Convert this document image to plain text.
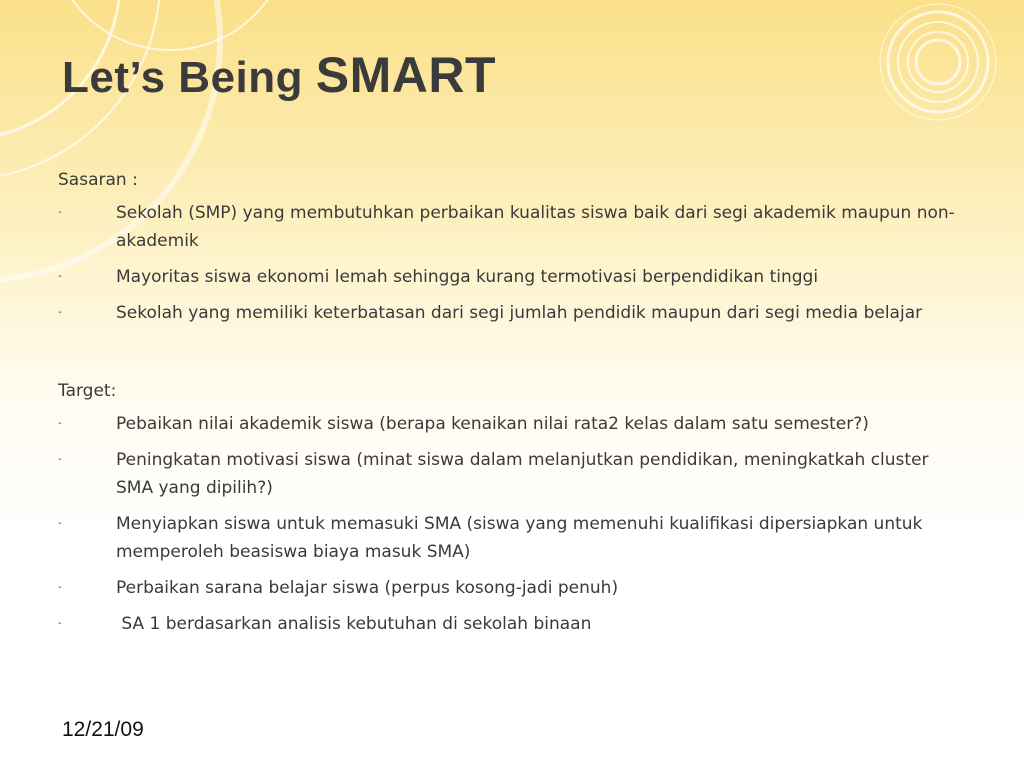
Let’s Being SMART
Sasaran :
-	Sekolah (SMP) yang membutuhkan perbaikan kualitas siswa baik dari segi akademik maupun non-akademik
-	Mayoritas siswa ekonomi lemah sehingga kurang termotivasi berpendidikan tinggi
-	Sekolah yang memiliki keterbatasan dari segi jumlah pendidik maupun dari segi media belajar
Target:
-	Pebaikan nilai akademik siswa (berapa kenaikan nilai rata2 kelas dalam satu semester?)
-	Peningkatan motivasi siswa (minat siswa dalam melanjutkan pendidikan, meningkatkah cluster SMA yang dipilih?)
-	Menyiapkan siswa untuk memasuki SMA (siswa yang memenuhi kualifikasi dipersiapkan untuk memperoleh beasiswa biaya masuk SMA)
-	Perbaikan sarana belajar siswa (perpus kosong-jadi penuh)
-	SA 1 berdasarkan analisis kebutuhan di sekolah binaan
12/21/09
